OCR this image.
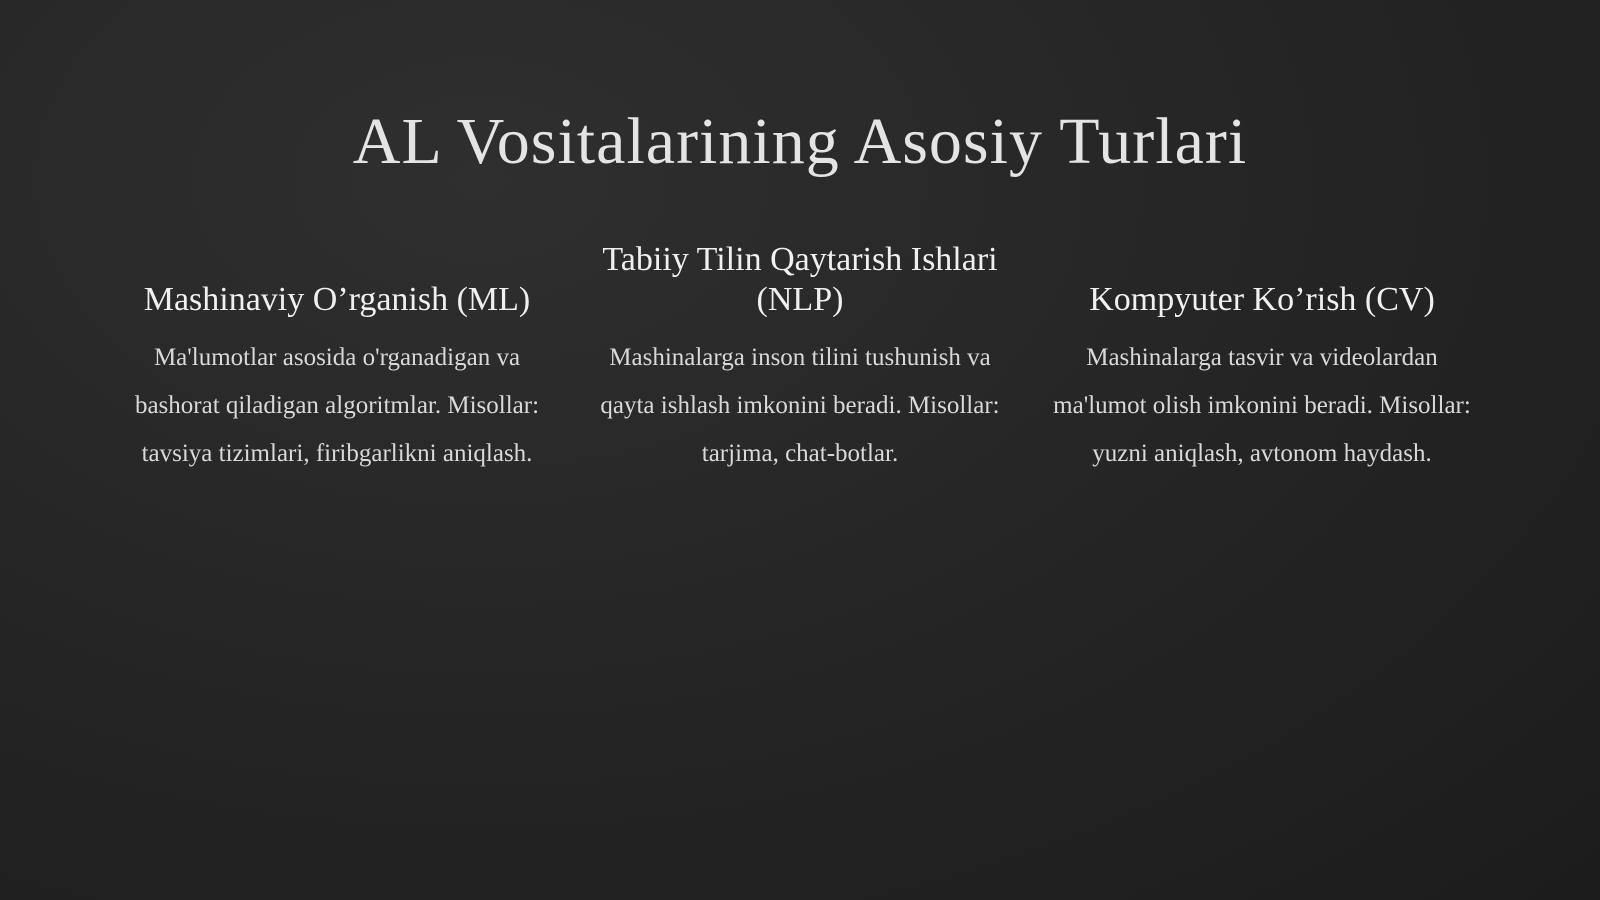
AL Vositalarining Asosiy Turlari
Mashinaviy O’rganish (ML)

Ma'lumotlar asosida o'rganadigan va

bashorat qiladigan algoritmlar. Misollar:

tavsiya tizimlari, firibgarlikni aniqlash.

Tabiiy Tilin Qaytarish Ishlari (NLP)

Mashinalarga inson tilini tushunish va

qayta ishlash imkonini beradi. Misollar:

tarjima, chat-botlar.

Kompyuter Ko’rish (CV)

Mashinalarga tasvir va videolardan

ma'lumot olish imkonini beradi. Misollar:

yuzni aniqlash, avtonom haydash.
